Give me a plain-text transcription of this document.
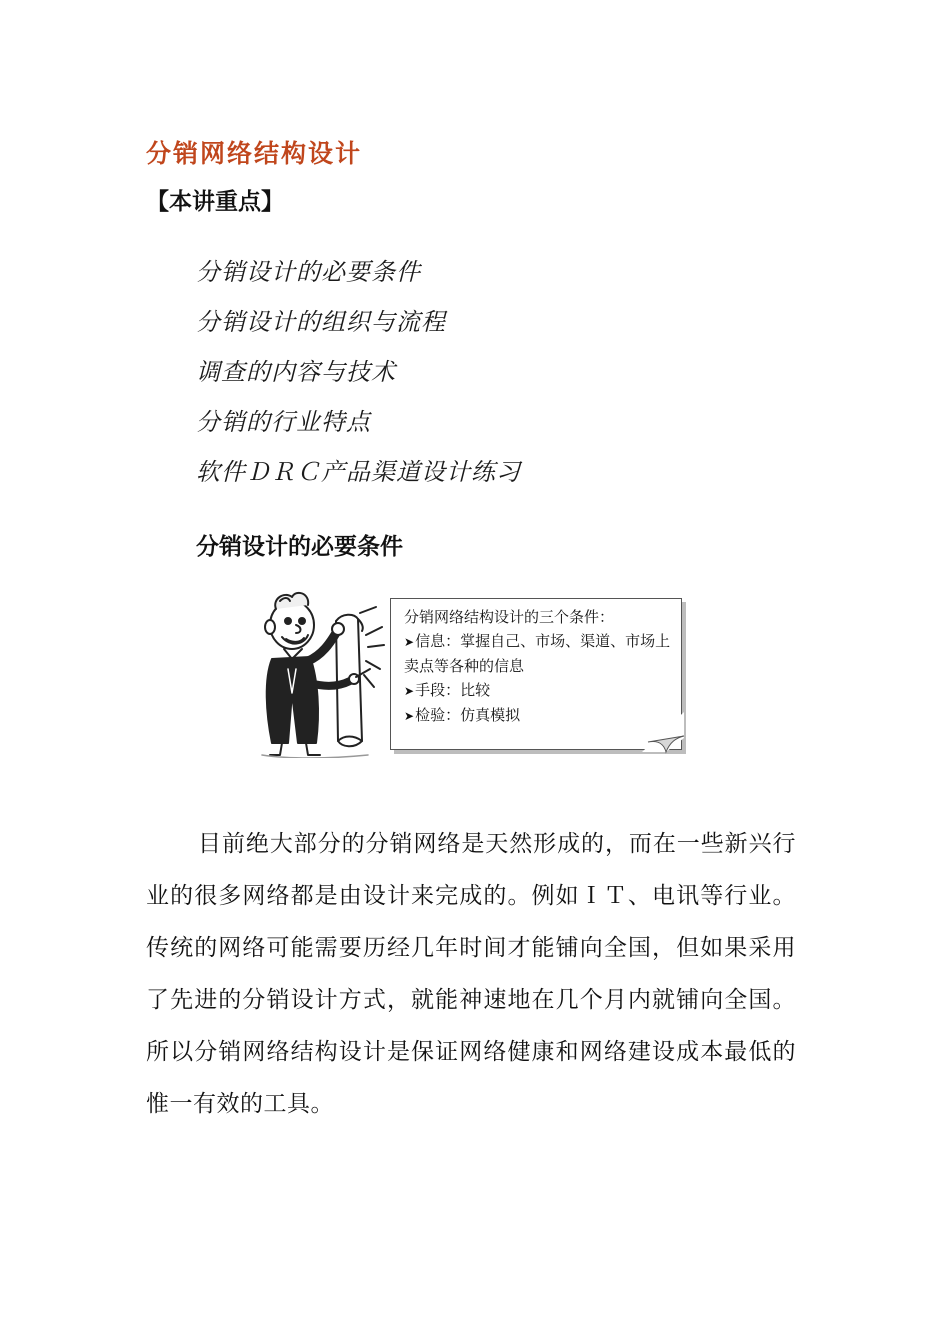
分销网络结构设计
【本讲重点】
分销设计的必要条件
分销设计的组织与流程
调查的内容与技术
分销的行业特点
软件ＤＲＣ产品渠道设计练习
分销设计的必要条件
分销网络结构设计的三个条件：
➤信息：掌握自己、市场、渠道、市场上卖点等各种的信息
➤手段：比较
➤检验：仿真模拟

目前绝大部分的分销网络是天然形成的，而在一些新兴行业的很多网络都是由设计来完成的。例如ＩＴ、电讯等行业。传统的网络可能需要历经几年时间才能铺向全国，但如果采用了先进的分销设计方式，就能神速地在几个月内就铺向全国。所以分销网络结构设计是保证网络健康和网络建设成本最低的惟一有效的工具。
